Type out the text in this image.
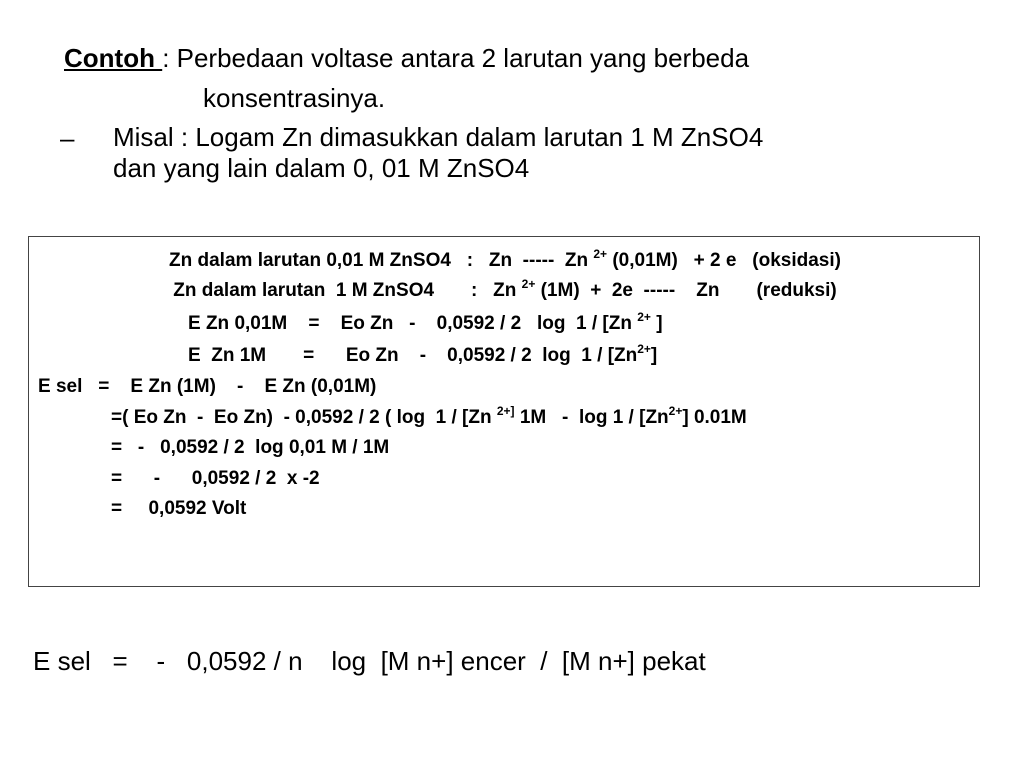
Contoh : Perbedaan voltase antara 2 larutan yang berbeda
konsentrasinya.
– Misal : Logam Zn dimasukkan dalam larutan 1 M ZnSO4
dan yang lain dalam 0, 01 M ZnSO4

Zn dalam larutan 0,01 M ZnSO4   :   Zn  -----  Zn $^{2+}$ (0,01M)   + 2 e   (oksidasi)

Zn dalam larutan  1 M ZnSO4       :   Zn $^{2+}$ (1M)  +  2e  -----    Zn       (reduksi)

E Zn 0,01M    =    Eo Zn   -    0,0592 / 2   log  1 / [Zn $^{2+}$ ]

E  Zn 1M       =      Eo Zn    -    0,0592 / 2  $\log 1 / [Zn^{2+}]$

E sel   =    E Zn (1M)    -    E Zn (0,01M)

=( Eo Zn  -  Eo Zn)  - 0,0592 / 2 ( log  1 / [Zn $^{2+]}$ $1M - \log 1 / [Zn^{2+}]$ 0.01M

=   -   0,0592 / 2  log 0,01 M / 1M

=      -      0,0592 / 2  x -2

=     0,0592 Volt

E sel   =    -   0,0592 / n    log  [M n+] encer  /  [M n+] pekat
